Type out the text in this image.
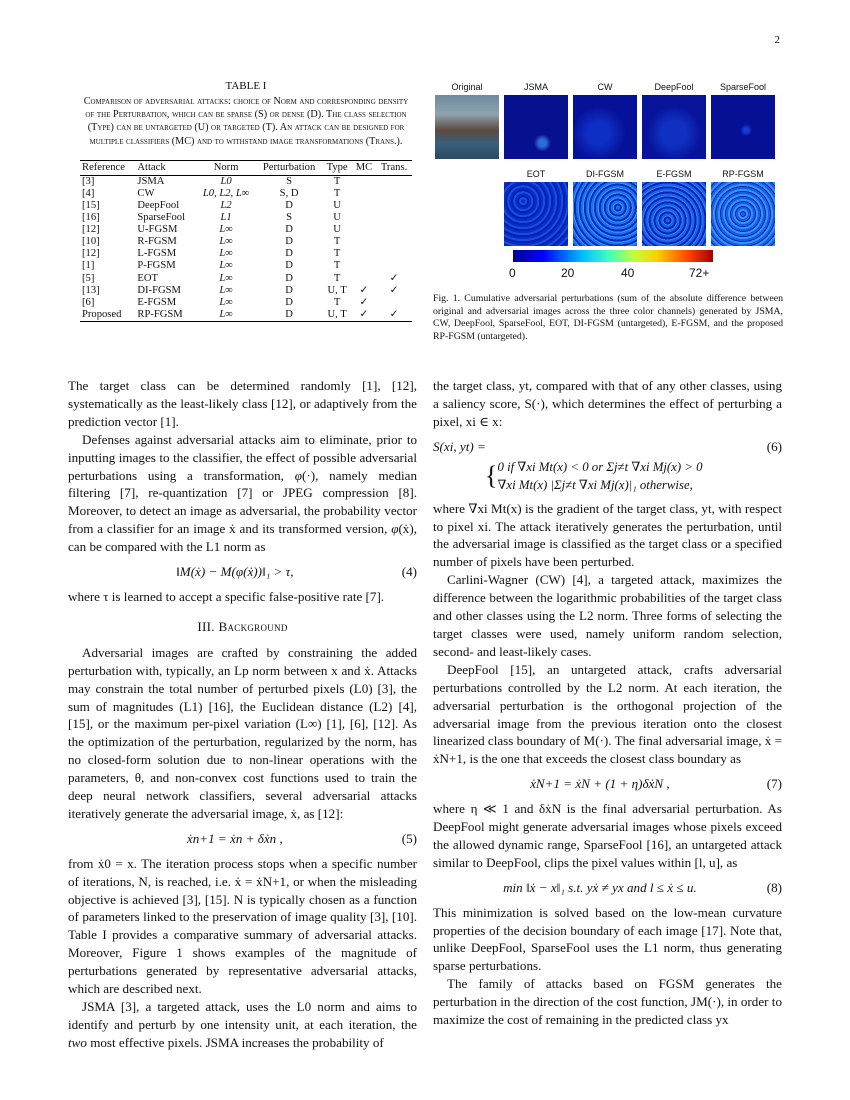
2
TABLE I
Comparison of adversarial attacks: choice of Norm and corresponding density of the Perturbation, which can be sparse (S) or dense (D). The class selection (Type) can be untargeted (U) or targeted (T). An attack can be designed for multiple classifiers (MC) and to withstand image transformations (Trans.).
Reference	Attack	Norm	Perturbation	Type	MC	Trans.
[3]	JSMA	L0	S	T		
[4]	CW	L0, L2, L∞	S, D	T		
[15]	DeepFool	L2	D	U		
[16]	SparseFool	L1	S	U		
[12]	U-FGSM	L∞	D	U		
[10]	R-FGSM	L∞	D	T		
[12]	L-FGSM	L∞	D	T		
[1]	P-FGSM	L∞	D	T		
[5]	EOT	L∞	D	T		✓
[13]	DI-FGSM	L∞	D	U, T	✓	✓
[6]	E-FGSM	L∞	D	T	✓	
Proposed	RP-FGSM	L∞	D	U, T	✓	✓
Original	JSMA	CW	DeepFool	SparseFool
EOT	DI-FGSM	E-FGSM	RP-FGSM
0	20	40	72+
Fig. 1. Cumulative adversarial perturbations (sum of the absolute difference between original and adversarial images across the three color channels) generated by JSMA, CW, DeepFool, SparseFool, EOT, DI-FGSM (untargeted), E-FGSM, and the proposed RP-FGSM (untargeted).

The target class can be determined randomly [1], [12], systematically as the least-likely class [12], or adaptively from the prediction vector [1].

Defenses against adversarial attacks aim to eliminate, prior to inputting images to the classifier, the effect of possible adversarial perturbations using a transformation, φ(·), namely median filtering [7], re-quantization [7] or JPEG compression [8]. Moreover, to detect an image as adversarial, the probability vector from a classifier for an image ẋ and its transformed version, φ(ẋ), can be compared with the L1 norm as

‖M(ẋ) − M(φ(ẋ))‖₁ > τ,	(4)

where τ is learned to accept a specific false-positive rate [7].

III. Background

Adversarial images are crafted by constraining the added perturbation with, typically, an Lp norm between x and ẋ. Attacks may constrain the total number of perturbed pixels (L0) [3], the sum of magnitudes (L1) [16], the Euclidean distance (L2) [4], [15], or the maximum per-pixel variation (L∞) [1], [6], [12]. As the optimization of the perturbation, regularized by the norm, has no closed-form solution due to non-linear operations with the parameters, θ, and non-convex cost functions used to train the deep neural network classifiers, several adversarial attacks iteratively generate the adversarial image, ẋ, as [12]:

ẋn+1 = ẋn + δẋn ,	(5)

from ẋ0 = x. The iteration process stops when a specific number of iterations, N, is reached, i.e. ẋ = ẋN+1, or when the misleading objective is achieved [3], [15]. N is typically chosen as a function of parameters linked to the preservation of image quality [3], [10]. Table I provides a comparative summary of adversarial attacks. Moreover, Figure 1 shows examples of the magnitude of perturbations generated by representative adversarial attacks, which are described next.

JSMA [3], a targeted attack, uses the L0 norm and aims to identify and perturb by one intensity unit, at each iteration, the two most effective pixels. JSMA increases the probability of

the target class, yt, compared with that of any other classes, using a saliency score, S(·), which determines the effect of perturbing a pixel, xi ∈ x:

S(xi, yt) =	(6)
{ 0 if ∇xi Mt(x) < 0 or Σj≠t ∇xi Mj(x) > 0
∇xi Mt(x) |Σj≠t ∇xi Mj(x)|₁ otherwise,

where ∇xi Mt(x) is the gradient of the target class, yt, with respect to pixel xi. The attack iteratively generates the perturbation, until the adversarial image is classified as the target class or a specified number of pixels have been perturbed.

Carlini-Wagner (CW) [4], a targeted attack, maximizes the difference between the logarithmic probabilities of the target class and other classes using the L2 norm. Three forms of selecting the target classes were used, namely uniform random selection, second- and least-likely cases.

DeepFool [15], an untargeted attack, crafts adversarial perturbations controlled by the L2 norm. At each iteration, the adversarial perturbation is the orthogonal projection of the adversarial image from the previous iteration onto the closest linearized class boundary of M(·). The final adversarial image, ẋ = ẋN+1, is the one that exceeds the closest class boundary as

ẋN+1 = ẋN + (1 + η)δẋN ,	(7)

where η ≪ 1 and δẋN is the final adversarial perturbation. As DeepFool might generate adversarial images whose pixels exceed the allowed dynamic range, SparseFool [16], an untargeted attack similar to DeepFool, clips the pixel values within [l, u], as

min ‖ẋ − x‖₁ s.t. yẋ ≠ yx and l ≤ ẋ ≤ u.	(8)

This minimization is solved based on the low-mean curvature properties of the decision boundary of each image [17]. Note that, unlike DeepFool, SparseFool uses the L1 norm, thus generating sparse perturbations.

The family of attacks based on FGSM generates the perturbation in the direction of the cost function, JM(·), in order to maximize the cost of remaining in the predicted class yx
